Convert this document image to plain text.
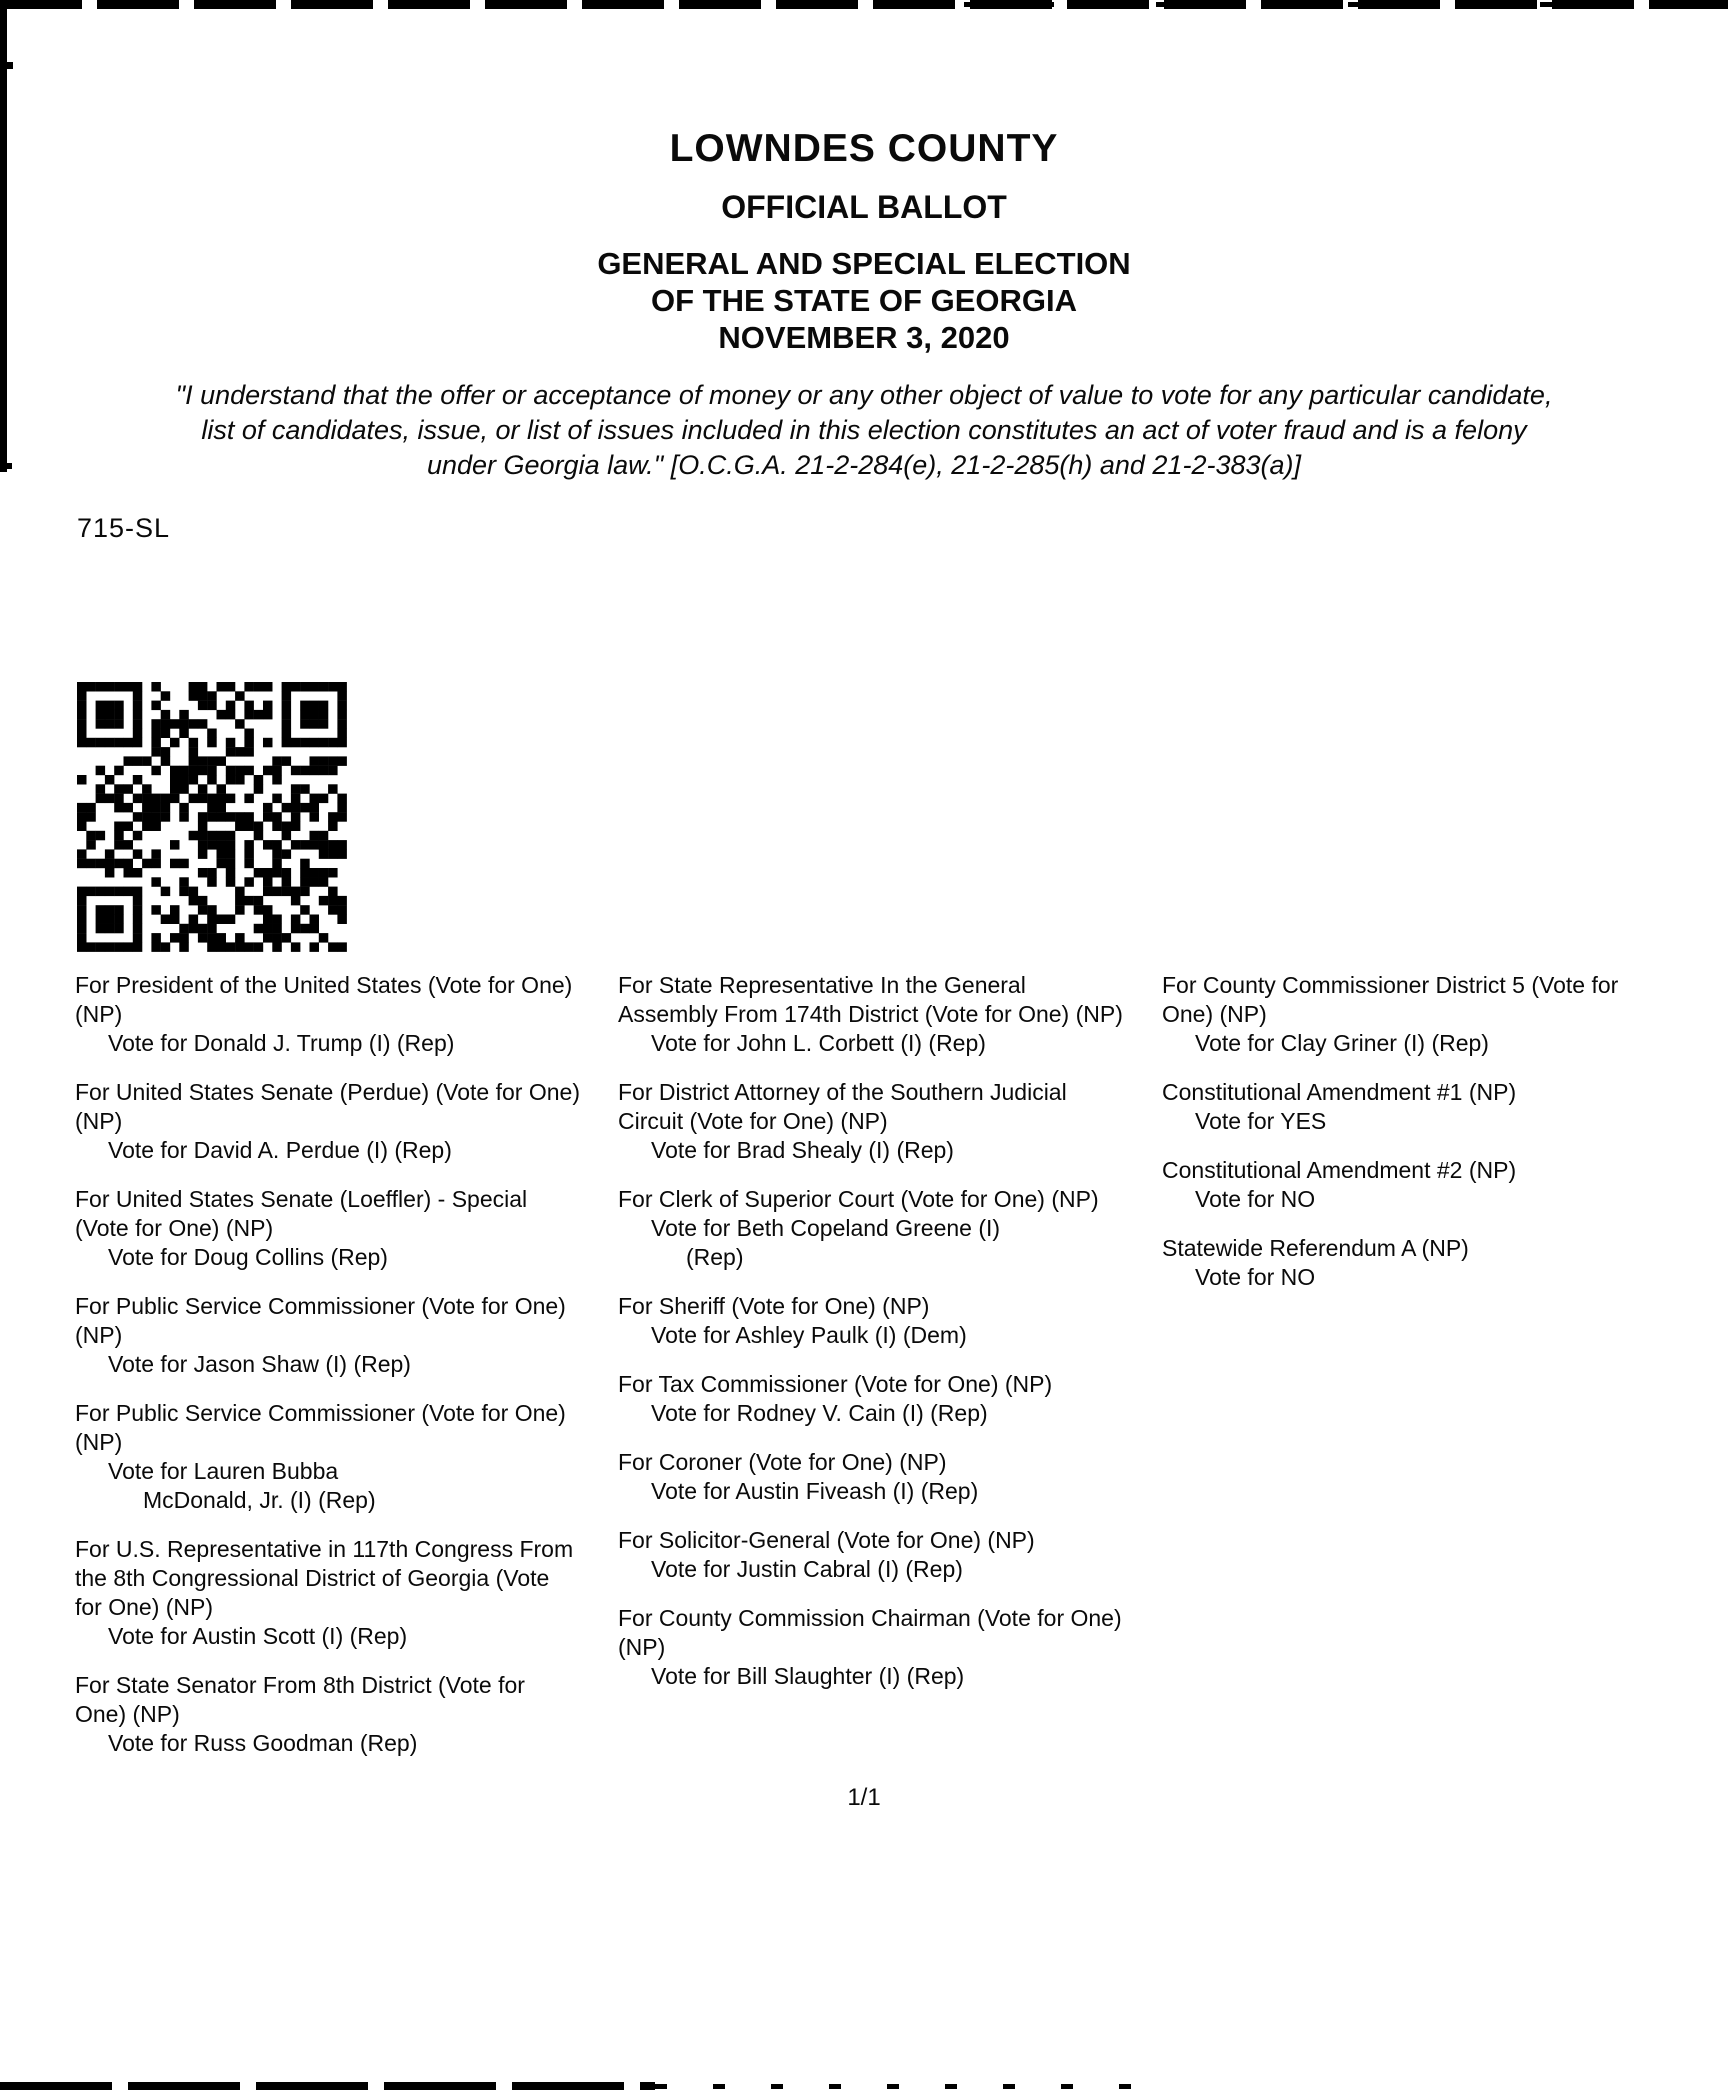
LOWNDES COUNTY
OFFICIAL BALLOT
GENERAL AND SPECIAL ELECTION
OF THE STATE OF GEORGIA
NOVEMBER 3, 2020
"I understand that the offer or acceptance of money or any other object of value to vote for any particular candidate,
list of candidates, issue, or list of issues included in this election constitutes an act of voter fraud and is a felony
under Georgia law." [O.C.G.A. 21-2-284(e), 21-2-285(h) and 21-2-383(a)]
715-SL
For President of the United States (Vote for One) (NP)
Vote for Donald J. Trump (I) (Rep)
For United States Senate (Perdue) (Vote for One) (NP)
Vote for David A. Perdue (I) (Rep)
For United States Senate (Loeffler) - Special (Vote for One) (NP)
Vote for Doug Collins (Rep)
For Public Service Commissioner (Vote for One) (NP)
Vote for Jason Shaw (I) (Rep)
For Public Service Commissioner (Vote for One) (NP)
Vote for Lauren Bubba
McDonald, Jr. (I) (Rep)
For U.S. Representative in 117th Congress From the 8th Congressional District of Georgia (Vote for One) (NP)
Vote for Austin Scott (I) (Rep)
For State Senator From 8th District (Vote for One) (NP)
Vote for Russ Goodman (Rep)
For State Representative In the General Assembly From 174th District (Vote for One) (NP)
Vote for John L. Corbett (I) (Rep)
For District Attorney of the Southern Judicial Circuit (Vote for One) (NP)
Vote for Brad Shealy (I) (Rep)
For Clerk of Superior Court (Vote for One) (NP)
Vote for Beth Copeland Greene (I)
(Rep)
For Sheriff (Vote for One) (NP)
Vote for Ashley Paulk (I) (Dem)
For Tax Commissioner (Vote for One) (NP)
Vote for Rodney V. Cain (I) (Rep)
For Coroner (Vote for One) (NP)
Vote for Austin Fiveash (I) (Rep)
For Solicitor-General (Vote for One) (NP)
Vote for Justin Cabral (I) (Rep)
For County Commission Chairman (Vote for One) (NP)
Vote for Bill Slaughter (I) (Rep)
For County Commissioner District 5 (Vote for One) (NP)
Vote for Clay Griner (I) (Rep)
Constitutional Amendment #1 (NP)
Vote for YES
Constitutional Amendment #2 (NP)
Vote for NO
Statewide Referendum A (NP)
Vote for NO
1/1
